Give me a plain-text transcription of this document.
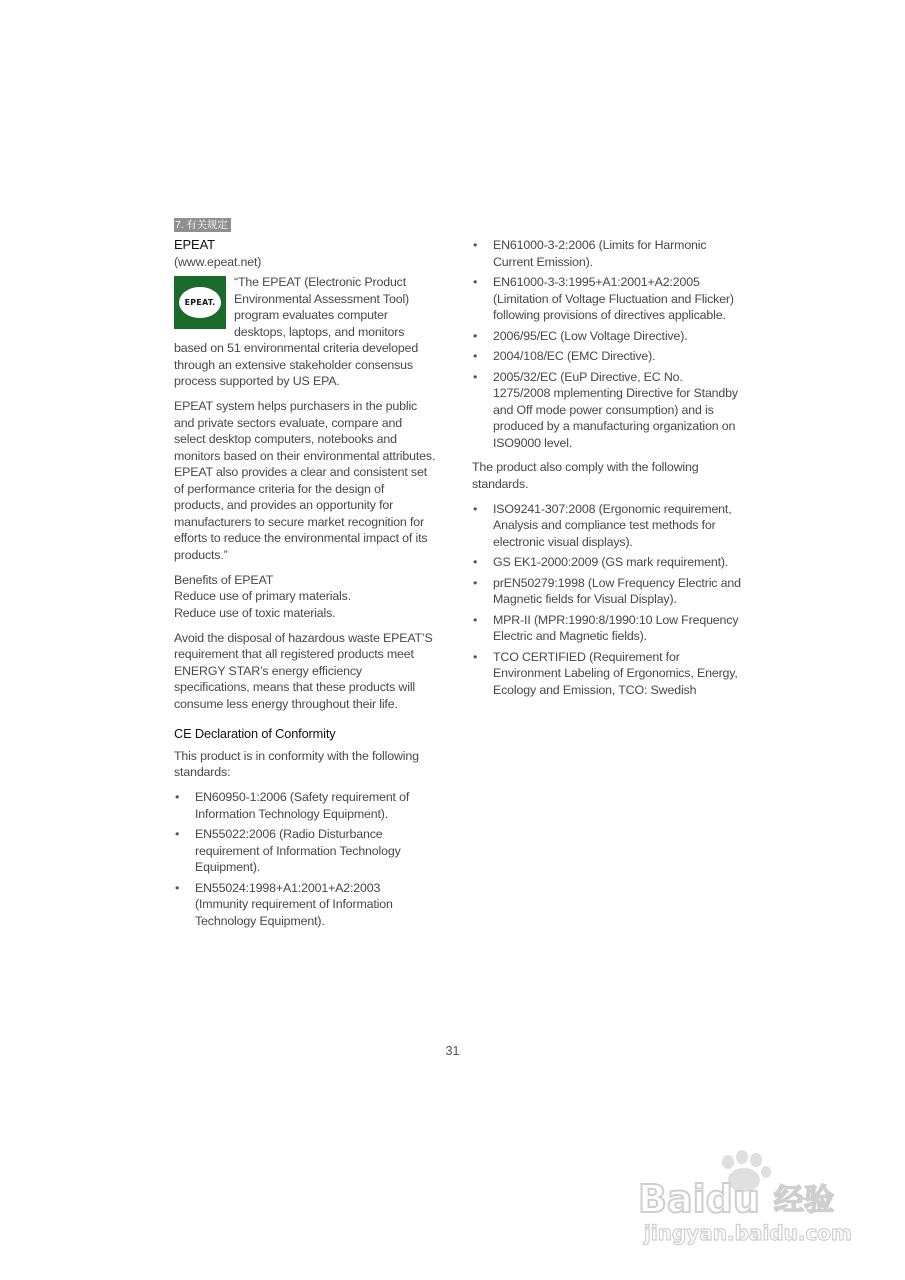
7. 有关规定
EPEAT
(www.epeat.net)
EPEAT.
“The EPEAT (Electronic Product Environmental Assessment Tool) program evaluates computer desktops, laptops, and monitors based on 51 environmental criteria developed through an extensive stakeholder consensus process supported by US EPA.
EPEAT system helps purchasers in the public and private sectors evaluate, compare and select desktop computers, notebooks and monitors based on their environmental attributes. EPEAT also provides a clear and consistent set of performance criteria for the design of products, and provides an opportunity for manufacturers to secure market recognition for efforts to reduce the environmental impact of its products.”
Benefits of EPEAT
Reduce use of primary materials.
Reduce use of toxic materials.
Avoid the disposal of hazardous waste EPEAT’S requirement that all registered products meet ENERGY STAR’s energy efficiency specifications, means that these products will consume less energy throughout their life.
CE Declaration of Conformity
This product is in conformity with the following standards:
• EN60950-1:2006 (Safety requirement of Information Technology Equipment).
• EN55022:2006 (Radio Disturbance requirement of Information Technology Equipment).
• EN55024:1998+A1:2001+A2:2003 (Immunity requirement of Information Technology Equipment).
• EN61000-3-2:2006 (Limits for Harmonic Current Emission).
• EN61000-3-3:1995+A1:2001+A2:2005 (Limitation of Voltage Fluctuation and Flicker) following provisions of directives applicable.
• 2006/95/EC (Low Voltage Directive).
• 2004/108/EC (EMC Directive).
• 2005/32/EC (EuP Directive, EC No. 1275/2008 mplementing Directive for Standby and Off mode power consumption) and is produced by a manufacturing organization on ISO9000 level.
The product also comply with the following standards.
• ISO9241-307:2008 (Ergonomic requirement, Analysis and compliance test methods for electronic visual displays).
• GS EK1-2000:2009 (GS mark requirement).
• prEN50279:1998 (Low Frequency Electric and Magnetic fields for Visual Display).
• MPR-II (MPR:1990:8/1990:10 Low Frequency Electric and Magnetic fields).
• TCO CERTIFIED (Requirement for Environment Labeling of Ergonomics, Energy, Ecology and Emission, TCO: Swedish
31
Baidu 经验
jingyan.baidu.com
